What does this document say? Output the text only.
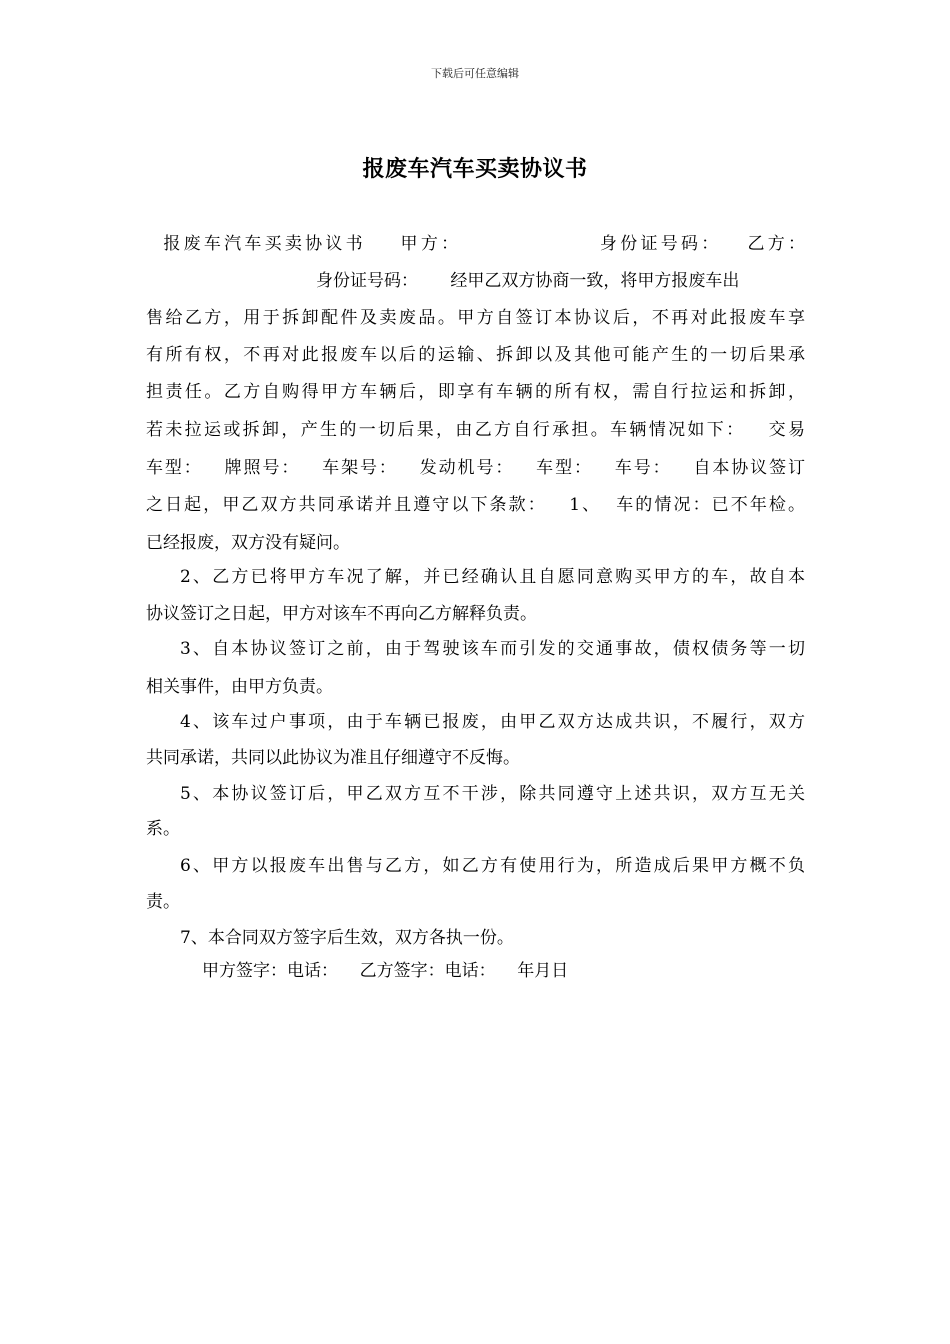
下载后可任意编辑
报废车汽车买卖协议书
报废车汽车买卖协议书    甲方：                身份证号码：   乙方：
身份证号码：      经甲乙双方协商一致，将甲方报废车出
售给乙方，用于拆卸配件及卖废品。甲方自签订本协议后，不再对此报废车享
有所有权，不再对此报废车以后的运输、拆卸以及其他可能产生的一切后果承
担责任。乙方自购得甲方车辆后，即享有车辆的所有权，需自行拉运和拆卸，
若未拉运或拆卸，产生的一切后果，由乙方自行承担。车辆情况如下：   交易
车型：   牌照号：   车架号：   发动机号：   车型：   车号：   自本协议签订
之日起，甲乙双方共同承诺并且遵守以下条款：   1、  车的情况：已不年检。
已经报废，双方没有疑问。
2、乙方已将甲方车况了解，并已经确认且自愿同意购买甲方的车，故自本
协议签订之日起，甲方对该车不再向乙方解释负责。
3、自本协议签订之前，由于驾驶该车而引发的交通事故，债权债务等一切
相关事件，由甲方负责。
4、该车过户事项，由于车辆已报废，由甲乙双方达成共识，不履行，双方
共同承诺，共同以此协议为准且仔细遵守不反悔。
5、本协议签订后，甲乙双方互不干涉，除共同遵守上述共识，双方互无关
系。
6、甲方以报废车出售与乙方，如乙方有使用行为，所造成后果甲方概不负
责。
7、本合同双方签字后生效，双方各执一份。
甲方签字：电话：    乙方签字：电话：    年月日
